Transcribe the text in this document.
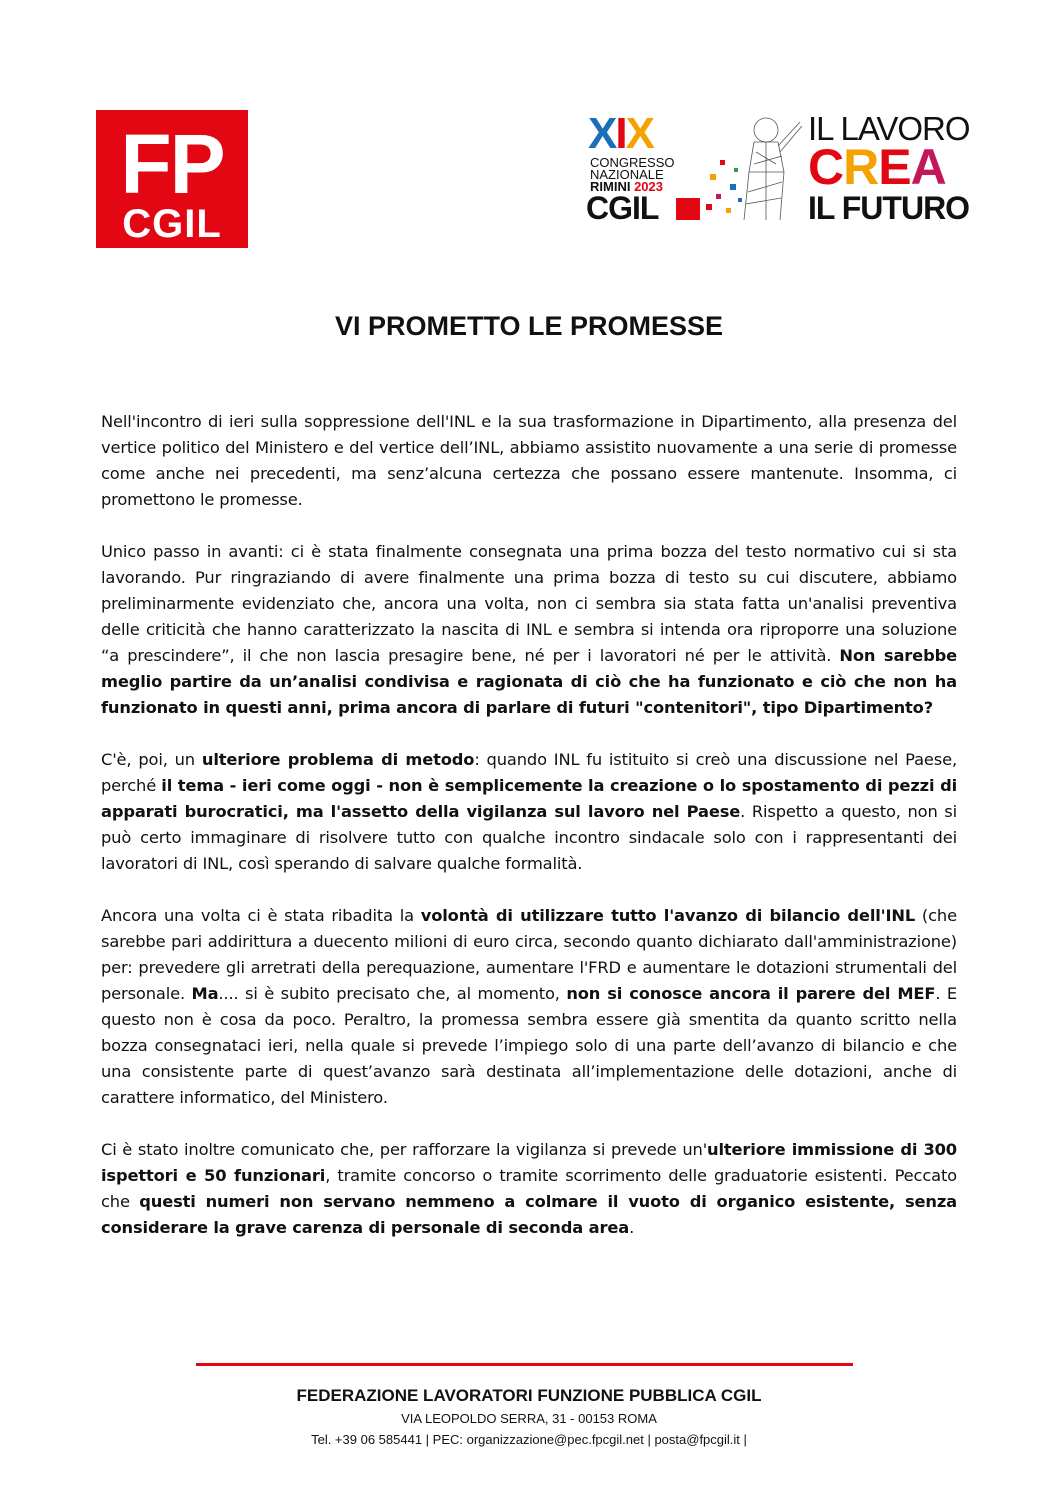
FP
CGIL
XIX
CONGRESSO
NAZIONALE
RIMINI 2023
CGIL
IL LAVORO
CREA
IL FUTURO
VI PROMETTO LE PROMESSE

Nell'incontro di ieri sulla soppressione dell'INL e la sua trasformazione in Dipartimento, alla presenza del vertice politico del Ministero e del vertice dell’INL, abbiamo assistito nuovamente a una serie di promesse come anche nei precedenti, ma senz’alcuna certezza che possano essere mantenute. Insomma, ci promettono le promesse.

Unico passo in avanti: ci è stata finalmente consegnata una prima bozza del testo normativo cui si sta lavorando. Pur ringraziando di avere finalmente una prima bozza di testo su cui discutere, abbiamo preliminarmente evidenziato che, ancora una volta, non ci sembra sia stata fatta un'analisi preventiva delle criticità che hanno caratterizzato la nascita di INL e sembra si intenda ora riproporre una soluzione “a prescindere”, il che non lascia presagire bene, né per i lavoratori né per le attività. Non sarebbe meglio partire da un’analisi condivisa e ragionata di ciò che ha funzionato e ciò che non ha funzionato in questi anni, prima ancora di parlare di futuri "contenitori", tipo Dipartimento?

C'è, poi, un ulteriore problema di metodo: quando INL fu istituito si creò una discussione nel Paese, perché il tema - ieri come oggi - non è semplicemente la creazione o lo spostamento di pezzi di apparati burocratici, ma l'assetto della vigilanza sul lavoro nel Paese. Rispetto a questo, non si può certo immaginare di risolvere tutto con qualche incontro sindacale solo con i rappresentanti dei lavoratori di INL, così sperando di salvare qualche formalità.

Ancora una volta ci è stata ribadita la volontà di utilizzare tutto l'avanzo di bilancio dell'INL (che sarebbe pari addirittura a duecento milioni di euro circa, secondo quanto dichiarato dall'amministrazione) per: prevedere gli arretrati della perequazione, aumentare l'FRD e aumentare le dotazioni strumentali del personale. Ma.... si è subito precisato che, al momento, non si conosce ancora il parere del MEF. E questo non è cosa da poco. Peraltro, la promessa sembra essere già smentita da quanto scritto nella bozza consegnataci ieri, nella quale si prevede l’impiego solo di una parte dell’avanzo di bilancio e che una consistente parte di quest’avanzo sarà destinata all’implementazione delle dotazioni, anche di carattere informatico, del Ministero.

Ci è stato inoltre comunicato che, per rafforzare la vigilanza si prevede un'ulteriore immissione di 300 ispettori e 50 funzionari, tramite concorso o tramite scorrimento delle graduatorie esistenti. Peccato che questi numeri non servano nemmeno a colmare il vuoto di organico esistente, senza considerare la grave carenza di personale di seconda area.

FEDERAZIONE LAVORATORI FUNZIONE PUBBLICA CGIL
VIA LEOPOLDO SERRA, 31 - 00153 ROMA
Tel. +39 06 585441 | PEC: organizzazione@pec.fpcgil.net | posta@fpcgil.it |
